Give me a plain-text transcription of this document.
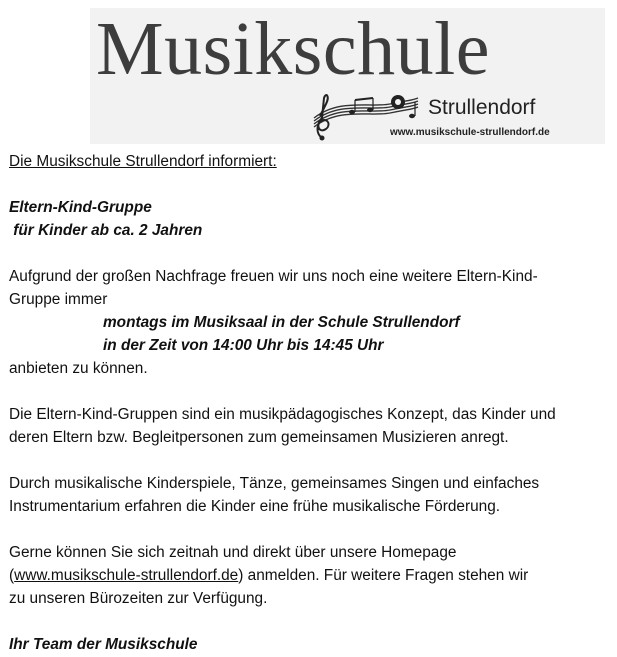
Musikschule
Strullendorf
www.musikschule-strullendorf.de

Die Musikschule Strullendorf informiert:

Eltern-Kind-Gruppe

für Kinder ab ca. 2 Jahren

Aufgrund der großen Nachfrage freuen wir uns noch eine weitere Eltern-Kind-

Gruppe immer

montags im Musiksaal in der Schule Strullendorf

in der Zeit von 14:00 Uhr bis 14:45 Uhr

anbieten zu können.

Die Eltern-Kind-Gruppen sind ein musikpädagogisches Konzept, das Kinder und

deren Eltern bzw. Begleitpersonen zum gemeinsamen Musizieren anregt.

Durch musikalische Kinderspiele, Tänze, gemeinsames Singen und einfaches

Instrumentarium erfahren die Kinder eine frühe musikalische Förderung.

Gerne können Sie sich zeitnah und direkt über unsere Homepage

(www.musikschule-strullendorf.de) anmelden. Für weitere Fragen stehen wir

zu unseren Bürozeiten zur Verfügung.

Ihr Team der Musikschule
